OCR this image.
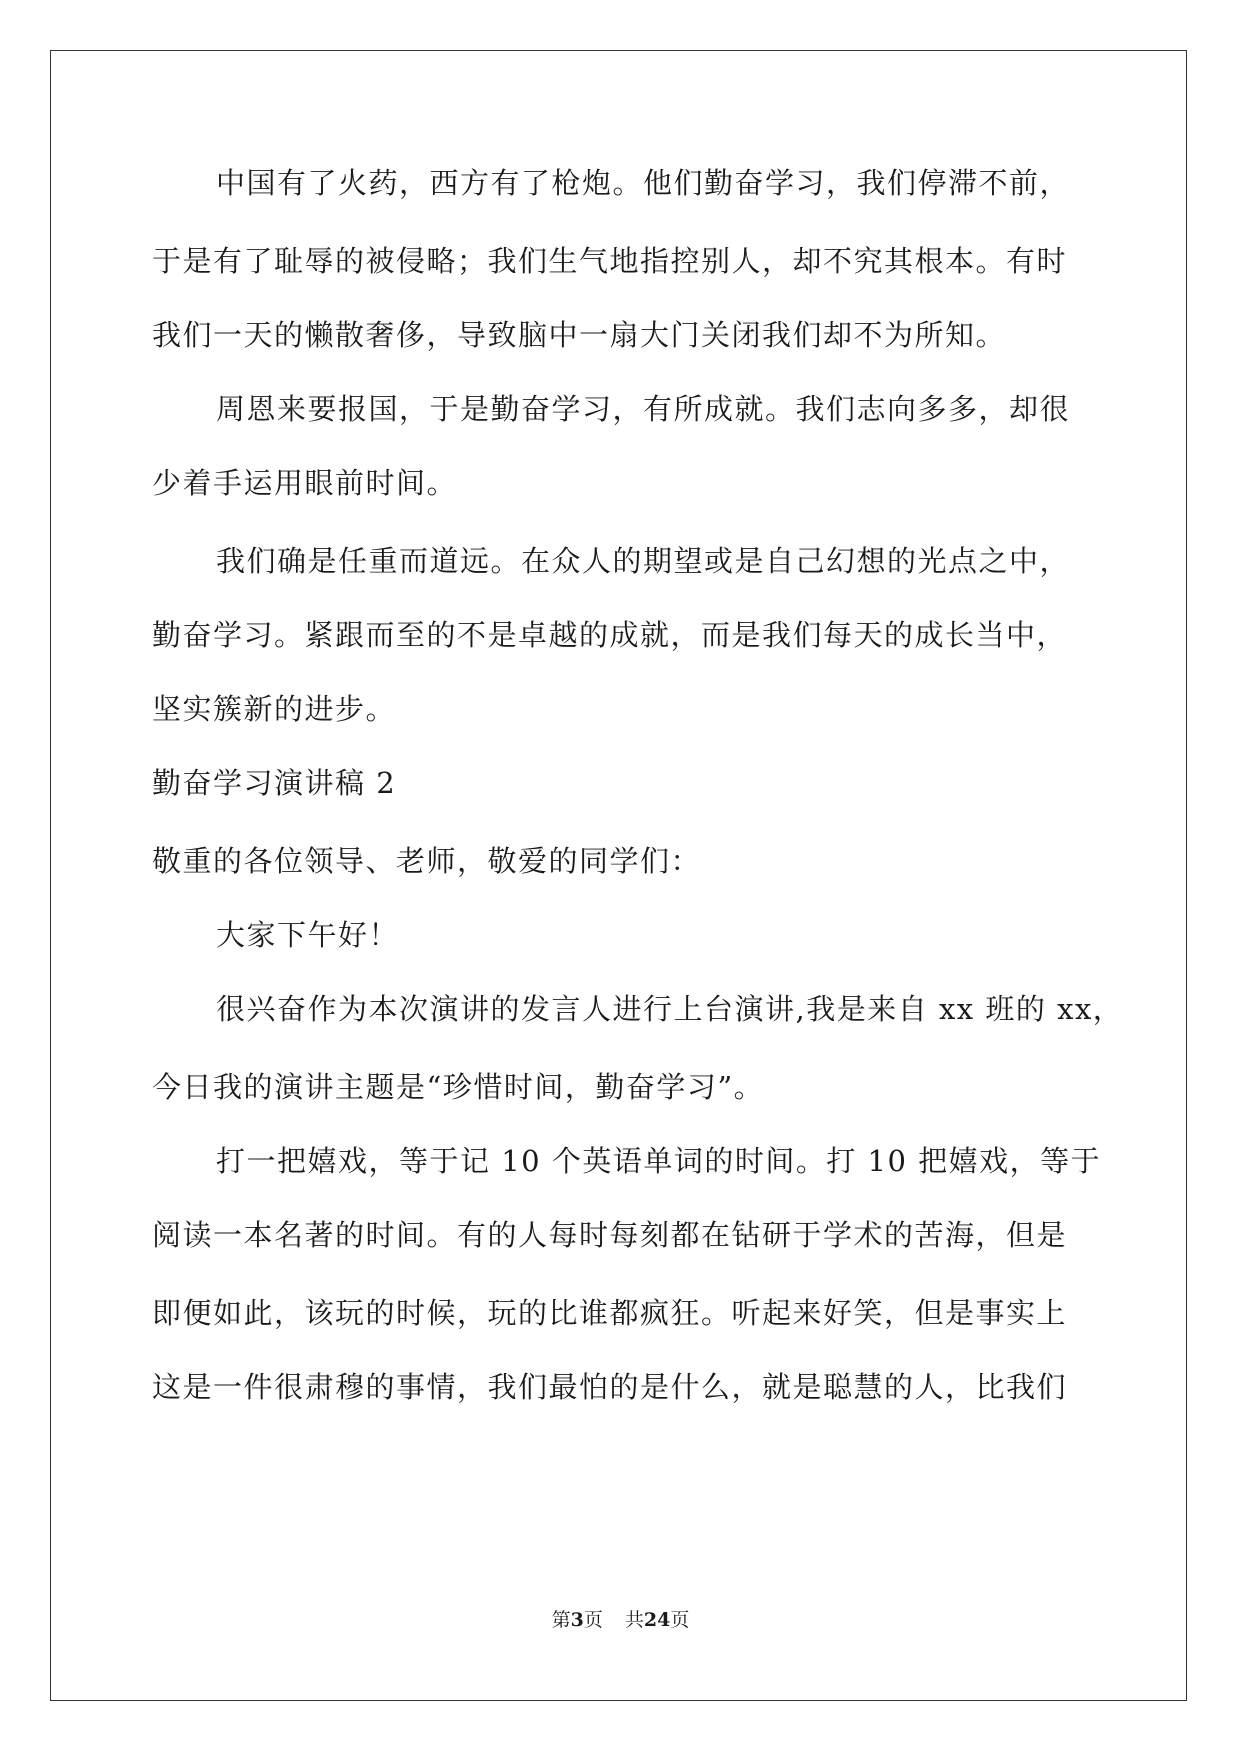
中国有了火药，西方有了枪炮。他们勤奋学习，我们停滞不前，
于是有了耻辱的被侵略；我们生气地指控别人，却不究其根本。有时
我们一天的懒散奢侈，导致脑中一扇大门关闭我们却不为所知。
周恩来要报国，于是勤奋学习，有所成就。我们志向多多，却很
少着手运用眼前时间。
我们确是任重而道远。在众人的期望或是自己幻想的光点之中，
勤奋学习。紧跟而至的不是卓越的成就，而是我们每天的成长当中，
坚实簇新的进步。
勤奋学习演讲稿 2
敬重的各位领导、老师，敬爱的同学们：
大家下午好！
很兴奋作为本次演讲的发言人进行上台演讲,我是来自 xx 班的 xx，
今日我的演讲主题是“珍惜时间，勤奋学习”。
打一把嬉戏，等于记 10 个英语单词的时间。打 10 把嬉戏，等于
阅读一本名著的时间。有的人每时每刻都在钻研于学术的苦海，但是
即便如此，该玩的时候，玩的比谁都疯狂。听起来好笑，但是事实上
这是一件很肃穆的事情，我们最怕的是什么，就是聪慧的人，比我们
第3页 共24页
